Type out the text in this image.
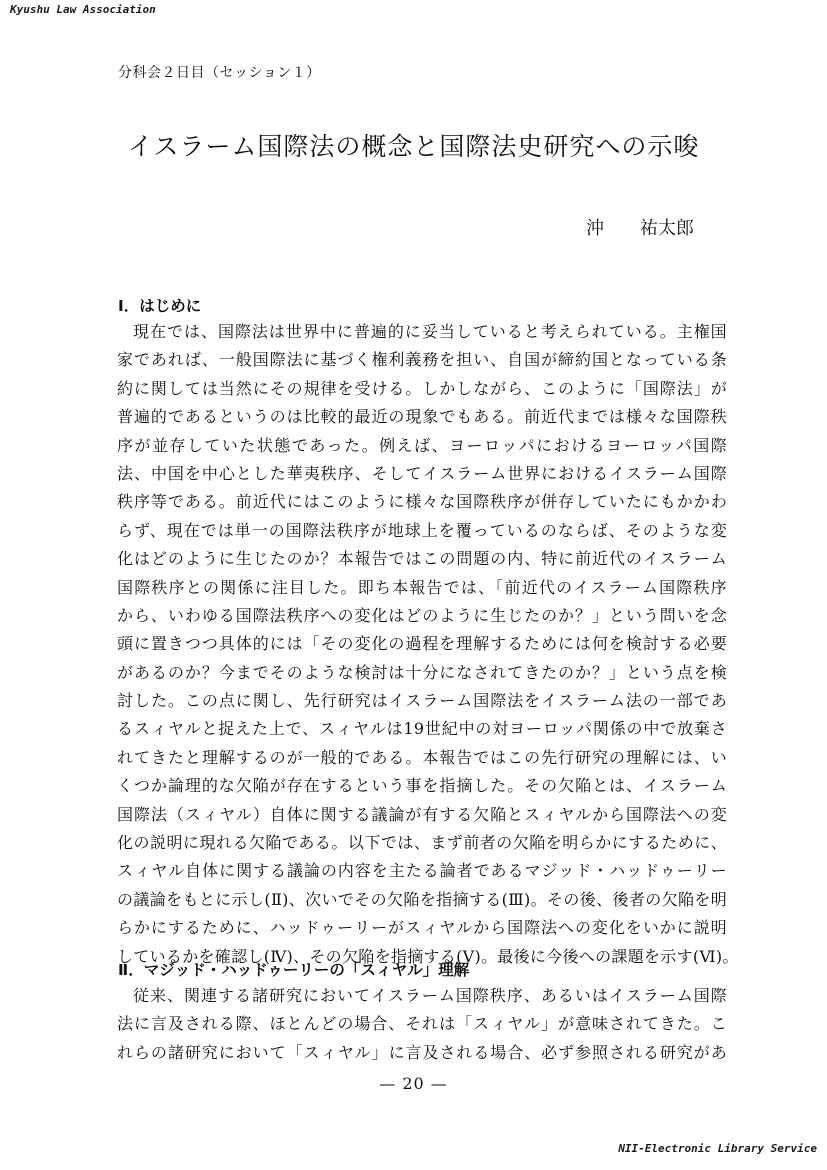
Kyushu Law Association
分科会２日目（セッション１）
イスラーム国際法の概念と国際法史研究への示唆
沖 祐太郎
Ⅰ．はじめに
現在では、国際法は世界中に普遍的に妥当していると考えられている。主権国
家であれば、一般国際法に基づく権利義務を担い、自国が締約国となっている条
約に関しては当然にその規律を受ける。しかしながら、このように「国際法」が
普遍的であるというのは比較的最近の現象でもある。前近代までは様々な国際秩
序が並存していた状態であった。例えば、ヨーロッパにおけるヨーロッパ国際
法、中国を中心とした華夷秩序、そしてイスラーム世界におけるイスラーム国際
秩序等である。前近代にはこのように様々な国際秩序が併存していたにもかかわ
らず、現在では単一の国際法秩序が地球上を覆っているのならば、そのような変
化はどのように生じたのか？本報告ではこの問題の内、特に前近代のイスラーム
国際秩序との関係に注目した。即ち本報告では、「前近代のイスラーム国際秩序
から、いわゆる国際法秩序への変化はどのように生じたのか？」という問いを念
頭に置きつつ具体的には「その変化の過程を理解するためには何を検討する必要
があるのか？今までそのような検討は十分になされてきたのか？」という点を検
討した。この点に関し、先行研究はイスラーム国際法をイスラーム法の一部であ
るスィヤルと捉えた上で、スィヤルは19世紀中の対ヨーロッパ関係の中で放棄さ
れてきたと理解するのが一般的である。本報告ではこの先行研究の理解には、い
くつか論理的な欠陥が存在するという事を指摘した。その欠陥とは、イスラーム
国際法（スィヤル）自体に関する議論が有する欠陥とスィヤルから国際法への変
化の説明に現れる欠陥である。以下では、まず前者の欠陥を明らかにするために、
スィヤル自体に関する議論の内容を主たる論者であるマジッド・ハッドゥーリー
の議論をもとに示し(Ⅱ)、次いでその欠陥を指摘する(Ⅲ)。その後、後者の欠陥を明
らかにするために、ハッドゥーリーがスィヤルから国際法への変化をいかに説明
しているかを確認し(Ⅳ)、その欠陥を指摘する(Ⅴ)。最後に今後への課題を示す(Ⅵ)。
Ⅱ．マジッド・ハッドゥーリーの「スィヤル」理解
従来、関連する諸研究においてイスラーム国際秩序、あるいはイスラーム国際
法に言及される際、ほとんどの場合、それは「スィヤル」が意味されてきた。こ
れらの諸研究において「スィヤル」に言及される場合、必ず参照される研究があ
— 20 —
NII-Electronic Library Service
